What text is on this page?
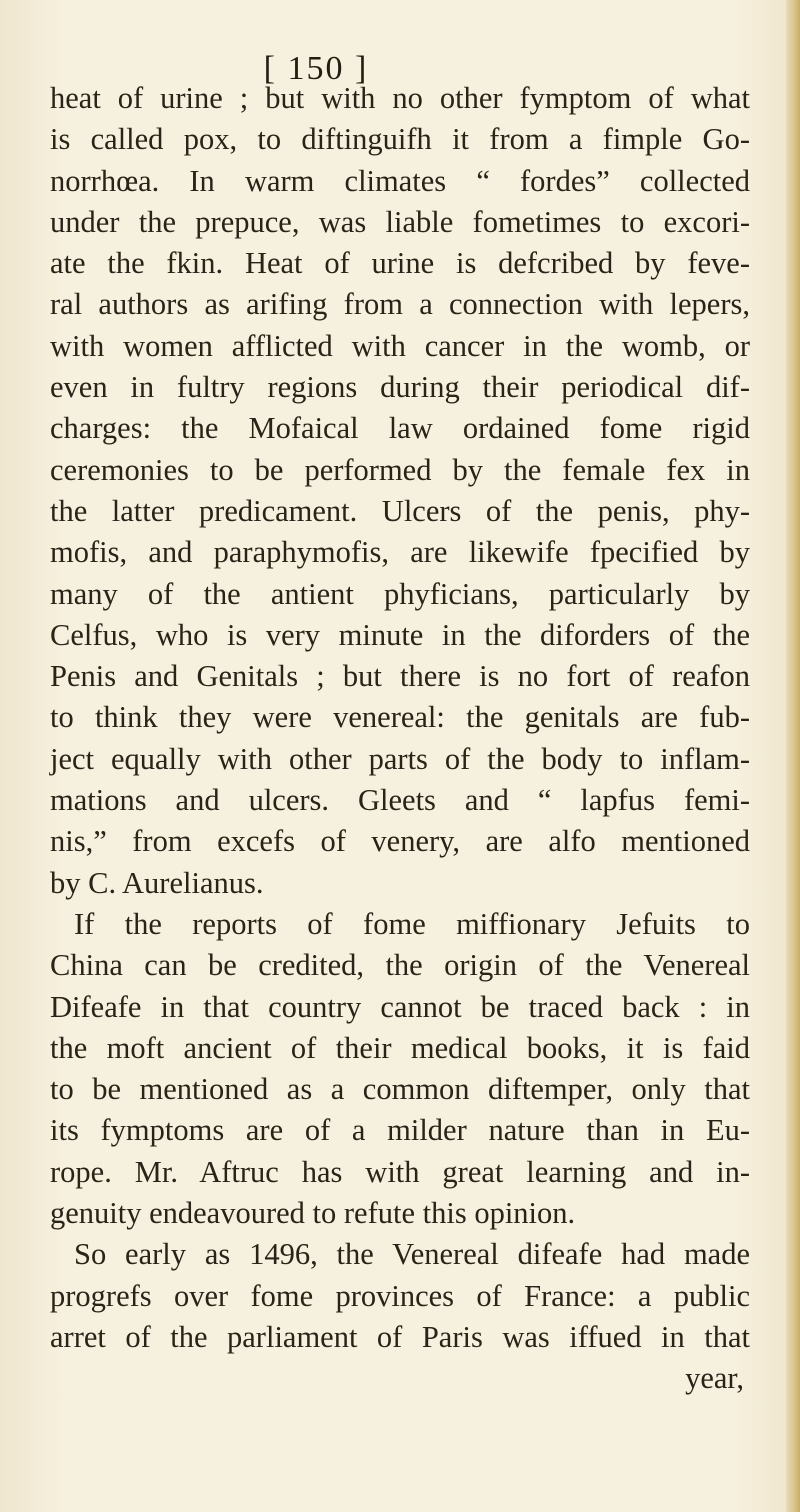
[ 150 ]
heat of urine ; but with no other fymptom of what
is called pox, to diftinguifh it from a fimple Go-
norrhœa. In warm climates “ fordes” collected
under the prepuce, was liable fometimes to excori-
ate the fkin. Heat of urine is defcribed by feve-
ral authors as arifing from a connection with lepers,
with women afflicted with cancer in the womb, or
even in fultry regions during their periodical dif-
charges: the Mofaical law ordained fome rigid
ceremonies to be performed by the female fex in
the latter predicament. Ulcers of the penis, phy-
mofis, and paraphymofis, are likewife fpecified by
many of the antient phyficians, particularly by
Celfus, who is very minute in the diforders of the
Penis and Genitals ; but there is no fort of reafon
to think they were venereal: the genitals are fub-
ject equally with other parts of the body to inflam-
mations and ulcers. Gleets and “ lapfus femi-
nis,” from excefs of venery, are alfo mentioned
by C. Aurelianus.
If the reports of fome miffionary Jefuits to
China can be credited, the origin of the Venereal
Difeafe in that country cannot be traced back : in
the moft ancient of their medical books, it is faid
to be mentioned as a common diftemper, only that
its fymptoms are of a milder nature than in Eu-
rope. Mr. Aftruc has with great learning and in-
genuity endeavoured to refute this opinion.
So early as 1496, the Venereal difeafe had made
progrefs over fome provinces of France: a public
arret of the parliament of Paris was iffued in that
year,
